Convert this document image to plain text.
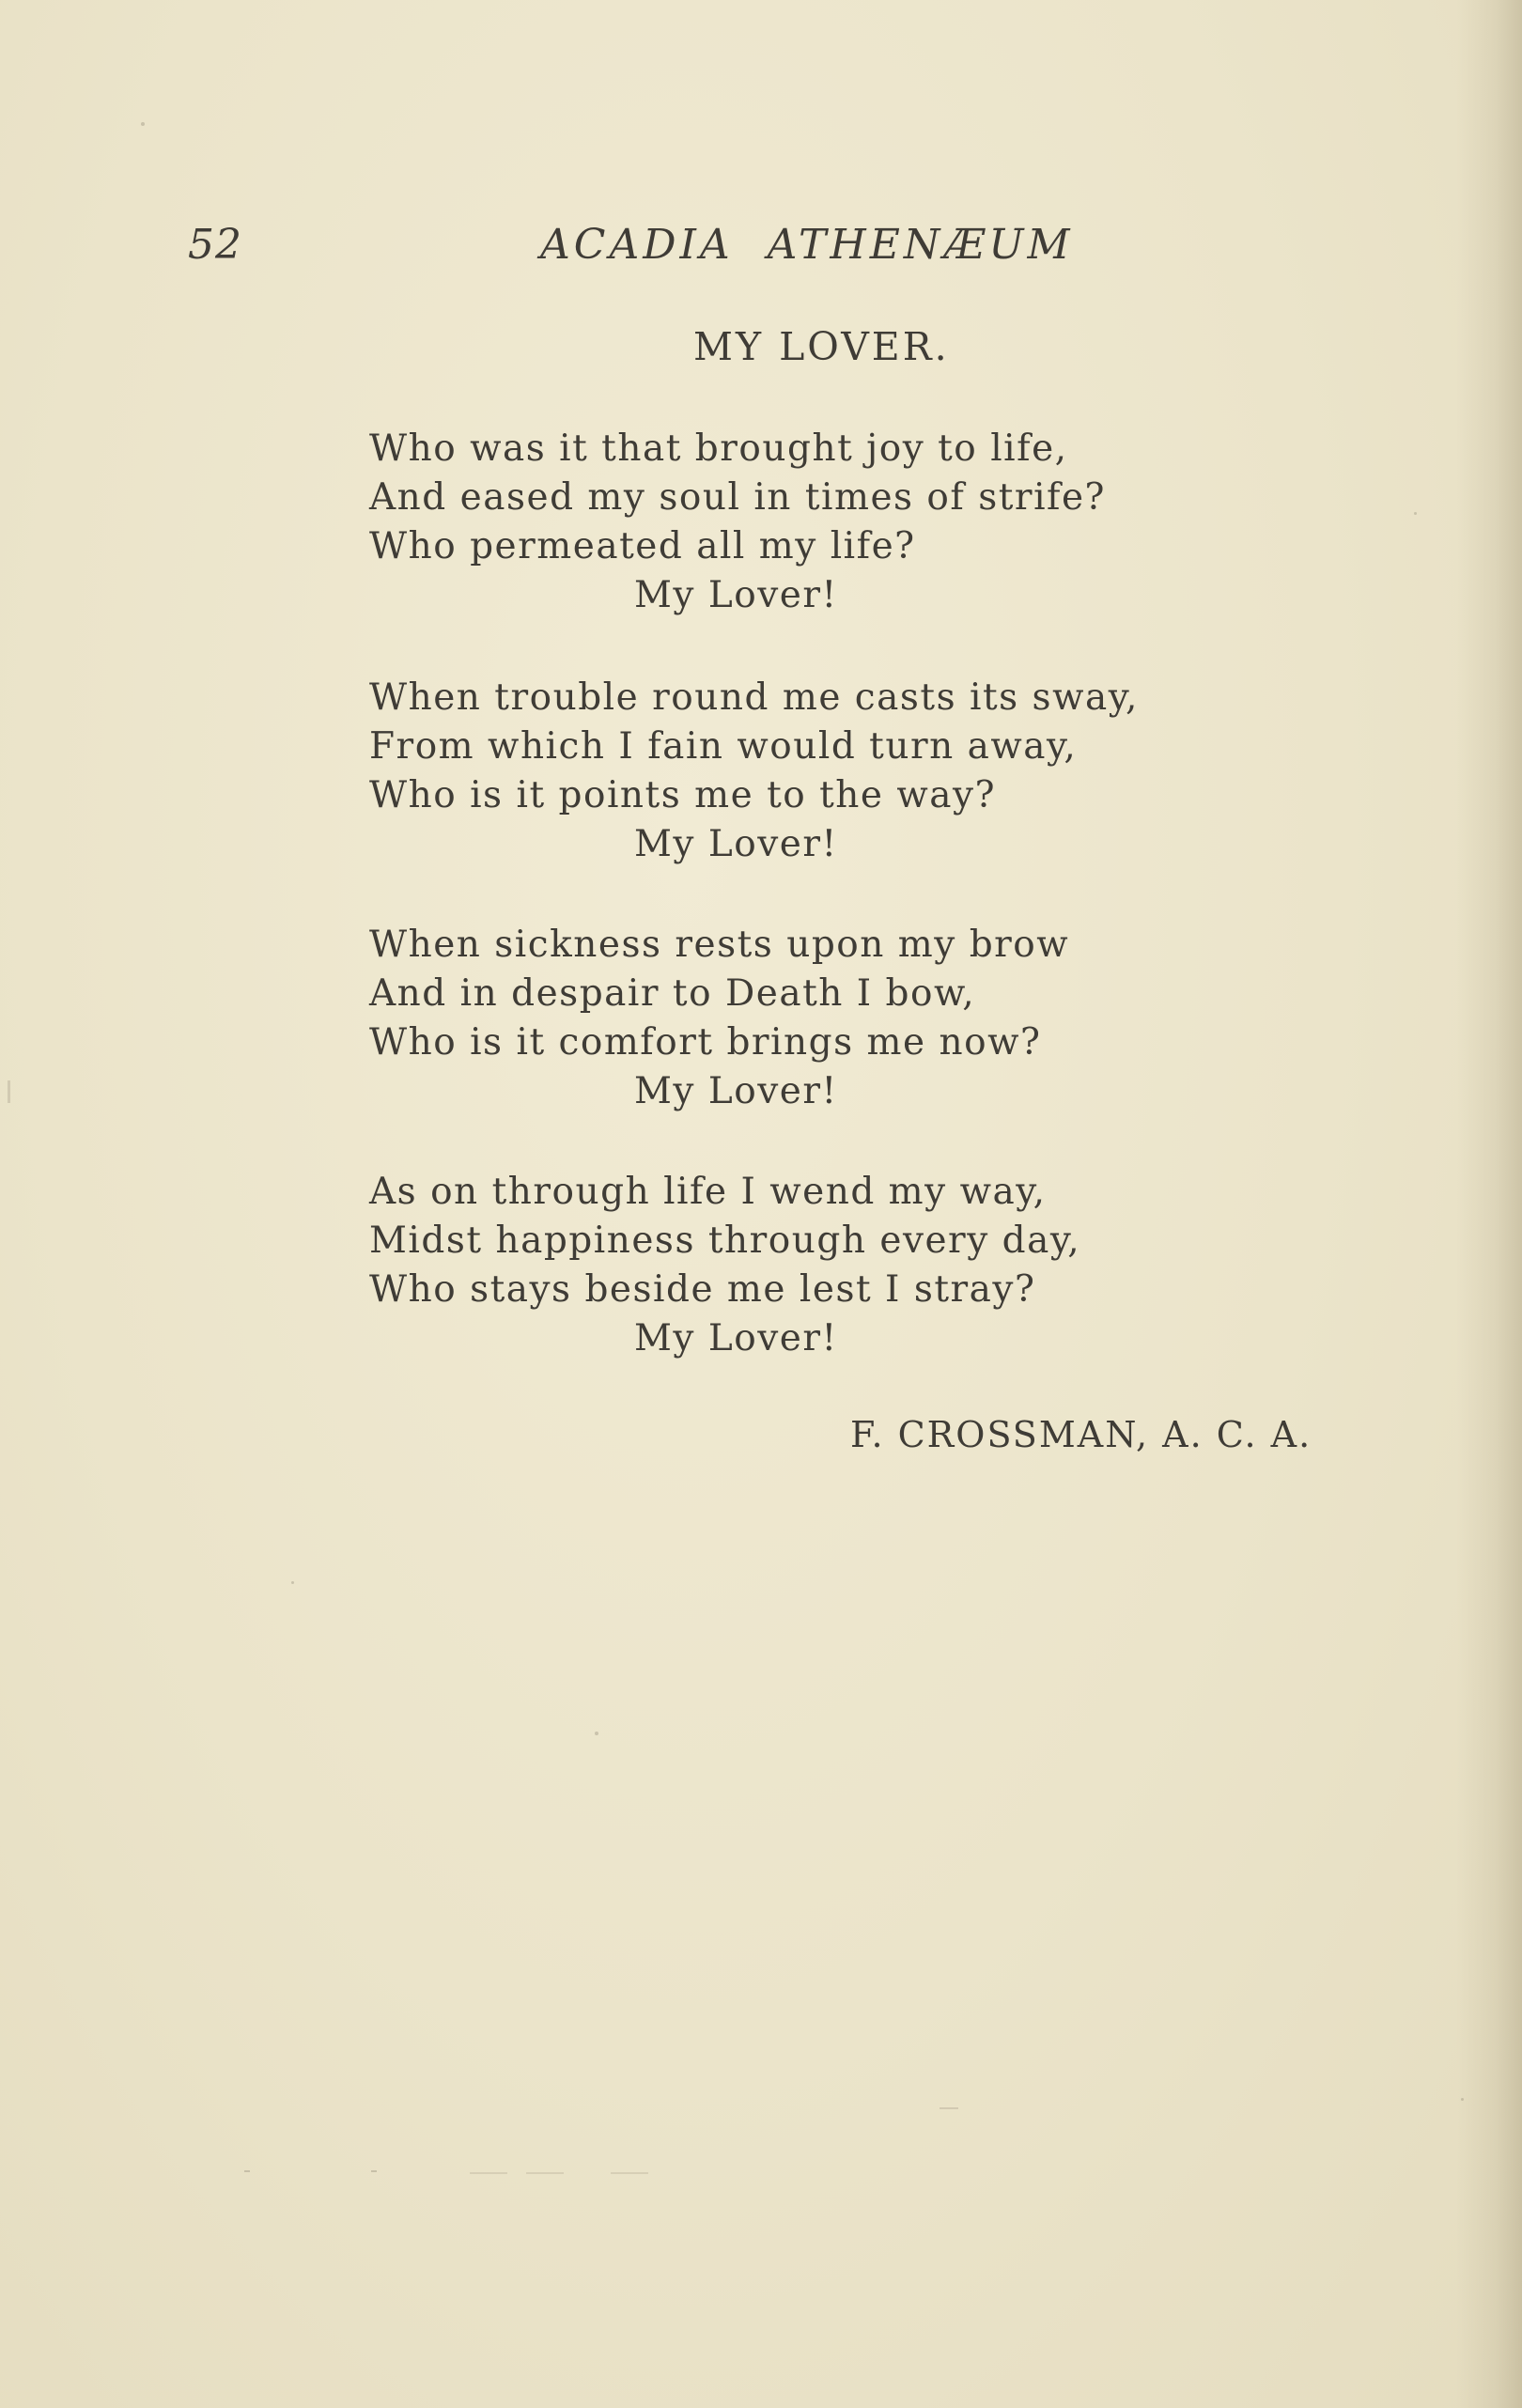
52	ACADIA ATHENÆUM

MY LOVER.
Who was it that brought joy to life,
And eased my soul in times of strife?
Who permeated all my life?
My Lover!
When trouble round me casts its sway,
From which I fain would turn away,
Who is it points me to the way?
My Lover!
When sickness rests upon my brow
And in despair to Death I bow,
Who is it comfort brings me now?
My Lover!
As on through life I wend my way,
Midst happiness through every day,
Who stays beside me lest I stray?
My Lover!

F. CROSSMAN, A. C. A.
